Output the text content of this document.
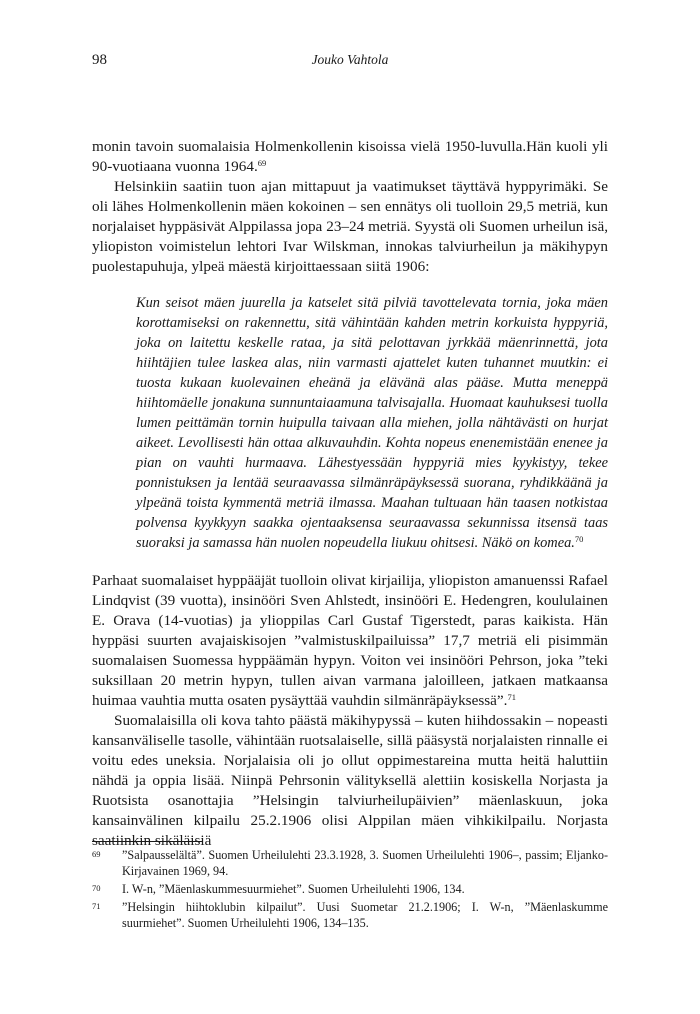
98	Jouko Vahtola

monin tavoin suomalaisia Holmenkollenin kisoissa vielä 1950-luvulla.Hän kuoli yli 90-vuotiaana vuonna 1964.69

Helsinkiin saatiin tuon ajan mittapuut ja vaatimukset täyttävä hyppyrimäki. Se oli lähes Holmenkollenin mäen kokoinen – sen ennätys oli tuolloin 29,5 metriä, kun norjalaiset hyppäsivät Alppilassa jopa 23–24 metriä. Syystä oli Suomen urheilun isä, yliopiston voimistelun lehtori Ivar Wilskman, innokas talviurheilun ja mäkihypyn puolestapuhuja, ylpeä mäestä kirjoittaessaan siitä 1906:

Kun seisot mäen juurella ja katselet sitä pilviä tavottelevata tornia, joka mäen korottamiseksi on rakennettu, sitä vähintään kahden metrin korkuista hyppyriä, joka on laitettu keskelle rataa, ja sitä pelottavan jyrkkää mäenrinnettä, jota hiihtäjien tulee laskea alas, niin varmasti ajattelet kuten tuhannet muutkin: ei tuosta kukaan kuolevainen eheänä ja elävänä alas pääse. Muttа menеppä hiihtomäelle jonakuna sunnuntaiaamuna talvisajalla. Huomaat kauhuksesi tuolla lumen peittämän tornin huipulla taivaan alla miehen, jolla nähtävästi on hurjat aikeet. Levollisesti hän ottaa alkuvauhdin. Kohta nopeus enenemistään enenee ja pian on vauhti hurmaava. Lähestyessään hyppyriä mies kyykistyy, tekee ponnistuksen ja lentää seuraavassa silmänräpäyksessä suorana, ryhdikkäänä ja ylpeänä toista kymmentä metriä ilmassa. Maahan tultuaan hän taasen notkistaa polvensa kyykkyyn saakka ojentaaksensa seuraavassa sekunnissa itsensä taas suoraksi ja samassa hän nuolen nopeudella liukuu ohitsesi. Näkö on komea.$^{70}$

Parhaat suomalaiset hyppääjät tuolloin olivat kirjailija, yliopiston amanuenssi Rafael Lindqvist (39 vuotta), insinööri Sven Ahlstedt, insinööri E. Hedengren, koululainen E. Orava (14-vuotias) ja ylioppilas Carl Gustaf Tigerstedt, paras kaikista. Hän hyppäsi suurten avajaiskisojen ”valmistuskilpailuissa” 17,7 metriä eli pisimmän suomalaisen Suomessa hyppäämän hypyn. Voiton vei insinööri Pehrson, joka ”teki suksillaan 20 metrin hypyn, tullen aivan varmana jaloilleen, jatkaen matkaansa huimaa vauhtia mutta osaten pysäyttää vauhdin silmänräpäyksessä”.$^{71}$

Suomalaisilla oli kova tahto päästä mäkihypyssä – kuten hiihdossakin – nopeasti kansanväliselle tasolle, vähintään ruotsalaiselle, sillä pääsystä norjalaisten rinnalle ei voitu edes uneksia. Norjalaisia oli jo ollut oppimestareina mutta heitä haluttiin nähdä ja oppia lisää. Niinpä Pehrsonin välityksellä alettiin kosiskella Norjasta ja Ruotsista osanottajia ”Helsingin talviurheilupäivien” mäenlaskuun, joka kansainvälinen kilpailu 25.2.1906 olisi Alppilan mäen vihkikilpailu. Norjasta saatiinkin sikäläisiä

69 ”Salpausselältä”. Suomen Urheilulehti 23.3.1928, 3. Suomen Urheilulehti 1906–, passim; Eljanko-Kirjavainen 1969, 94.
70 I. W-n, ”Mäenlaskummesuurmiehet”. Suomen Urheilulehti 1906, 134.
71 ”Helsingin hiihtoklubin kilpailut”. Uusi Suometar 21.2.1906; I. W-n, ”Mäenlaskumme suurmiehet”. Suomen Urheilulehti 1906, 134–135.
